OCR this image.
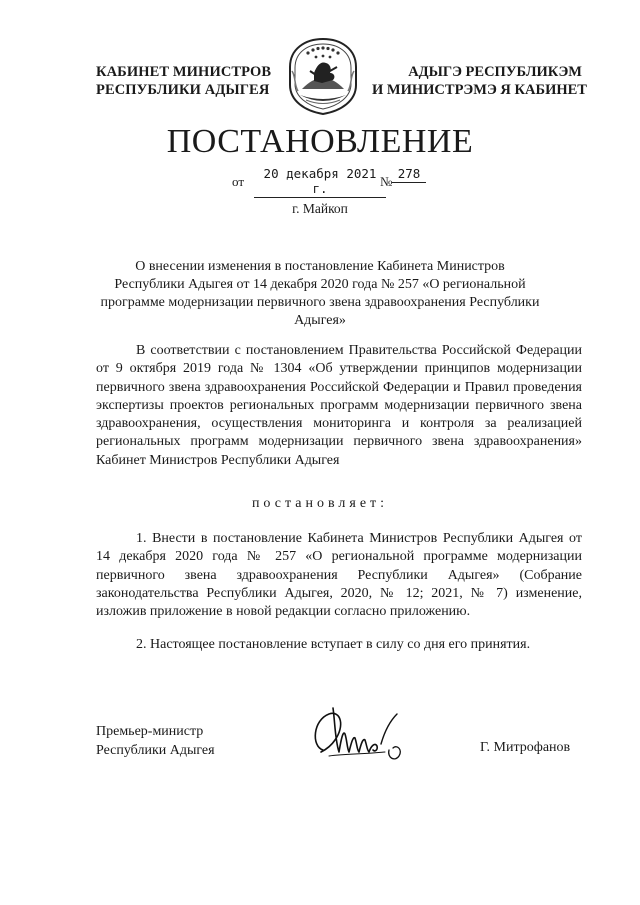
КАБИНЕТ МИНИСТРОВ
РЕСПУБЛИКИ АДЫГЕЯ
АДЫГЭ РЕСПУБЛИКЭМ
И МИНИСТРЭМЭ Я КАБИНЕТ
ПОСТАНОВЛЕНИЕ
от
20 декабря 2021 г.	№
278
г. Майкоп
О внесении изменения в постановление Кабинета Министров Республики Адыгея от 14 декабря 2020 года № 257 «О региональной программе модернизации первичного звена здравоохранения Республики Адыгея»
В соответствии с постановлением Правительства Российской Федерации от 9 октября 2019 года № 1304 «Об утверждении принципов модернизации первичного звена здравоохранения Российской Федерации и Правил проведения экспертизы проектов региональных программ модернизации первичного звена здравоохранения, осуществления мониторинга и контроля за реализацией региональных программ модернизации первичного звена здравоохранения» Кабинет Министров Республики Адыгея
постановляет:
1. Внести в постановление Кабинета Министров Республики Адыгея от 14 декабря 2020 года № 257 «О региональной программе модернизации первичного звена здравоохранения Республики Адыгея» (Собрание законодательства Республики Адыгея, 2020, № 12; 2021, № 7) изменение, изложив приложение в новой редакции согласно приложению.
2. Настоящее постановление вступает в силу со дня его принятия.
Премьер-министр
Республики Адыгея	Г. Митрофанов
